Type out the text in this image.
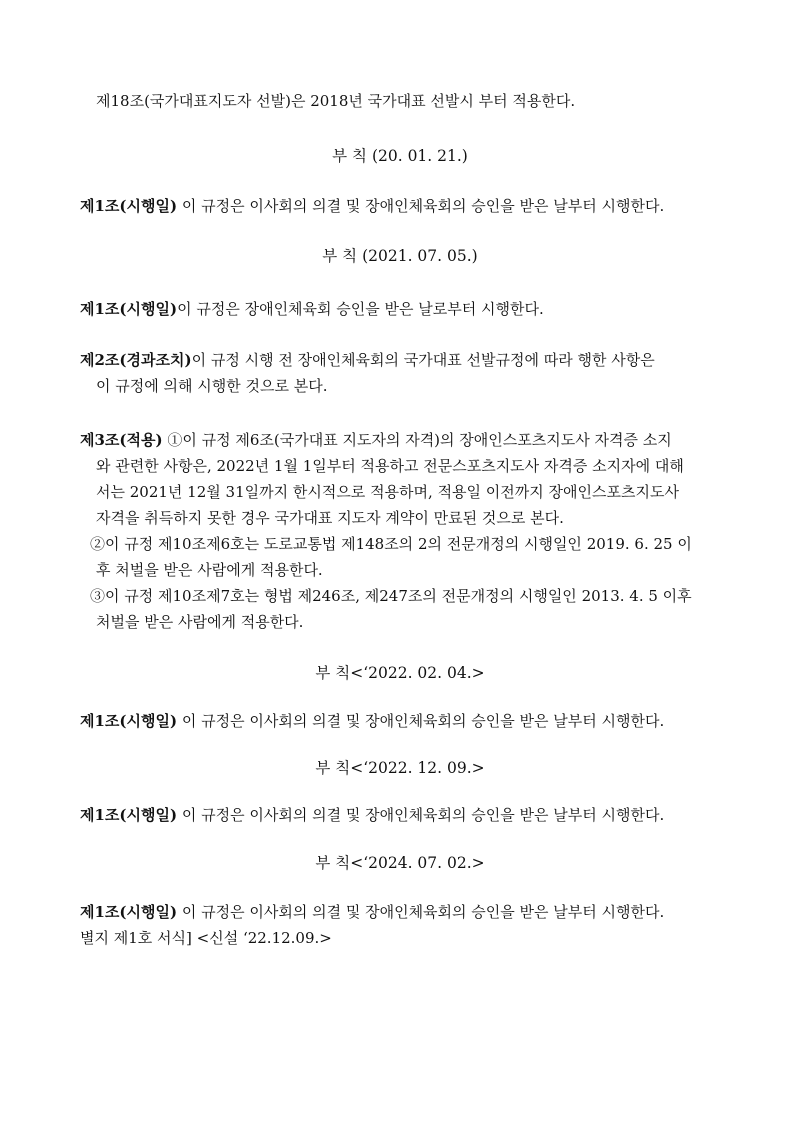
제18조(국가대표지도자 선발)은 2018년 국가대표 선발시 부터 적용한다.
부 칙 (20. 01. 21.)
제1조(시행일) 이 규정은 이사회의 의결 및 장애인체육회의 승인을 받은 날부터 시행한다.
부 칙 (2021. 07. 05.)
제1조(시행일)이 규정은 장애인체육회 승인을 받은 날로부터 시행한다.
제2조(경과조치)이 규정 시행 전 장애인체육회의 국가대표 선발규정에 따라 행한 사항은
이 규정에 의해 시행한 것으로 본다.
제3조(적용) ①이 규정 제6조(국가대표 지도자의 자격)의 장애인스포츠지도사 자격증 소지
와 관련한 사항은, 2022년 1월 1일부터 적용하고 전문스포츠지도사 자격증 소지자에 대해
서는 2021년 12월 31일까지 한시적으로 적용하며, 적용일 이전까지 장애인스포츠지도사
자격을 취득하지 못한 경우 국가대표 지도자 계약이 만료된 것으로 본다.
②이 규정 제10조제6호는 도로교통법 제148조의 2의 전문개정의 시행일인 2019. 6. 25 이
후 처벌을 받은 사람에게 적용한다.
③이 규정 제10조제7호는 형법 제246조, 제247조의 전문개정의 시행일인 2013. 4. 5 이후
처벌을 받은 사람에게 적용한다.
부 칙<‘2022. 02. 04.>
제1조(시행일) 이 규정은 이사회의 의결 및 장애인체육회의 승인을 받은 날부터 시행한다.
부 칙<‘2022. 12. 09.>
제1조(시행일) 이 규정은 이사회의 의결 및 장애인체육회의 승인을 받은 날부터 시행한다.
부 칙<‘2024. 07. 02.>
제1조(시행일) 이 규정은 이사회의 의결 및 장애인체육회의 승인을 받은 날부터 시행한다.
별지 제1호 서식] <신설 ‘22.12.09.>
